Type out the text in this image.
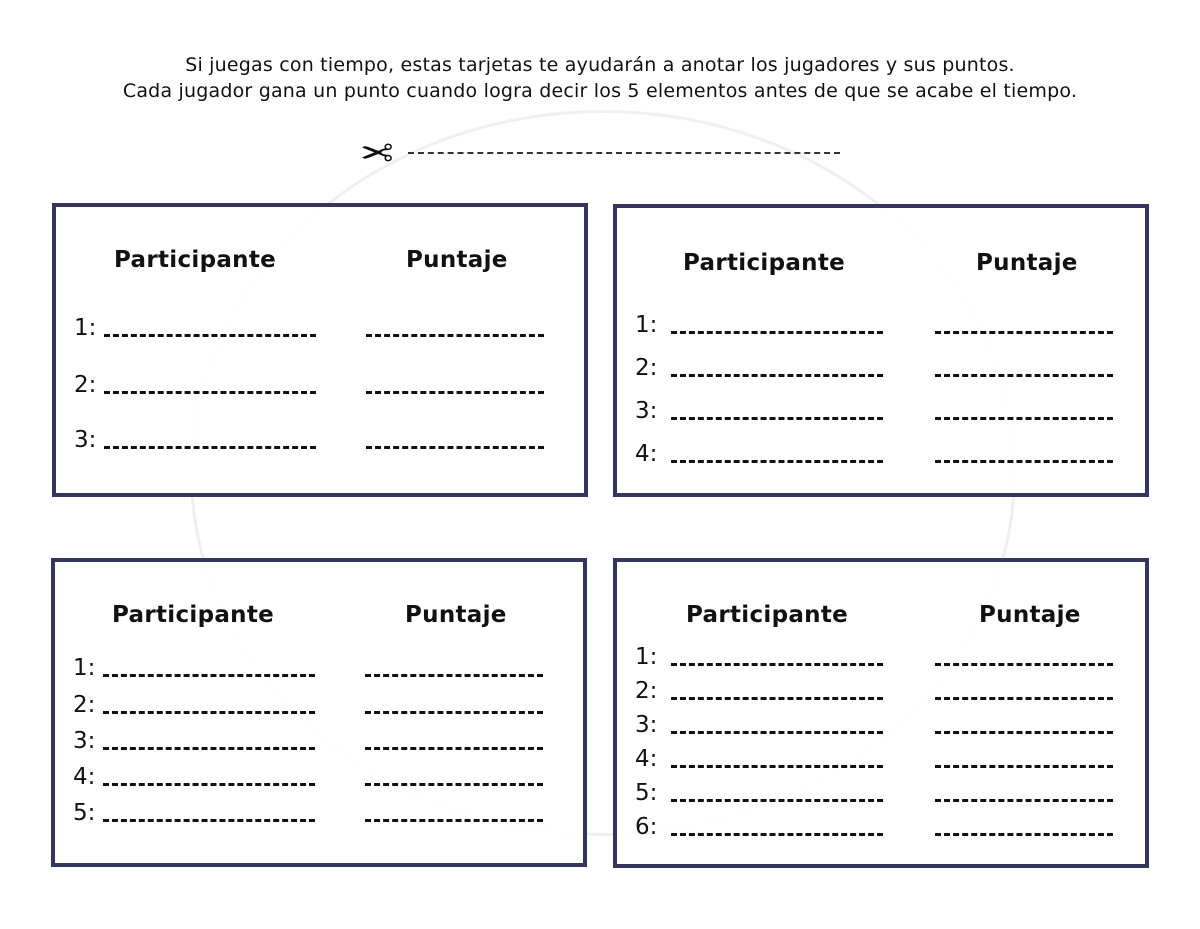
Si juegas con tiempo, estas tarjetas te ayudarán a anotar los jugadores y sus puntos.
Cada jugador gana un punto cuando logra decir los 5 elementos antes de que se acabe el tiempo.
✂
Participante	Puntaje
1:
2:
3:
Participante	Puntaje
1:
2:
3:
4:
Participante	Puntaje
1:
2:
3:
4:
5:
Participante	Puntaje
1:
2:
3:
4:
5:
6:
